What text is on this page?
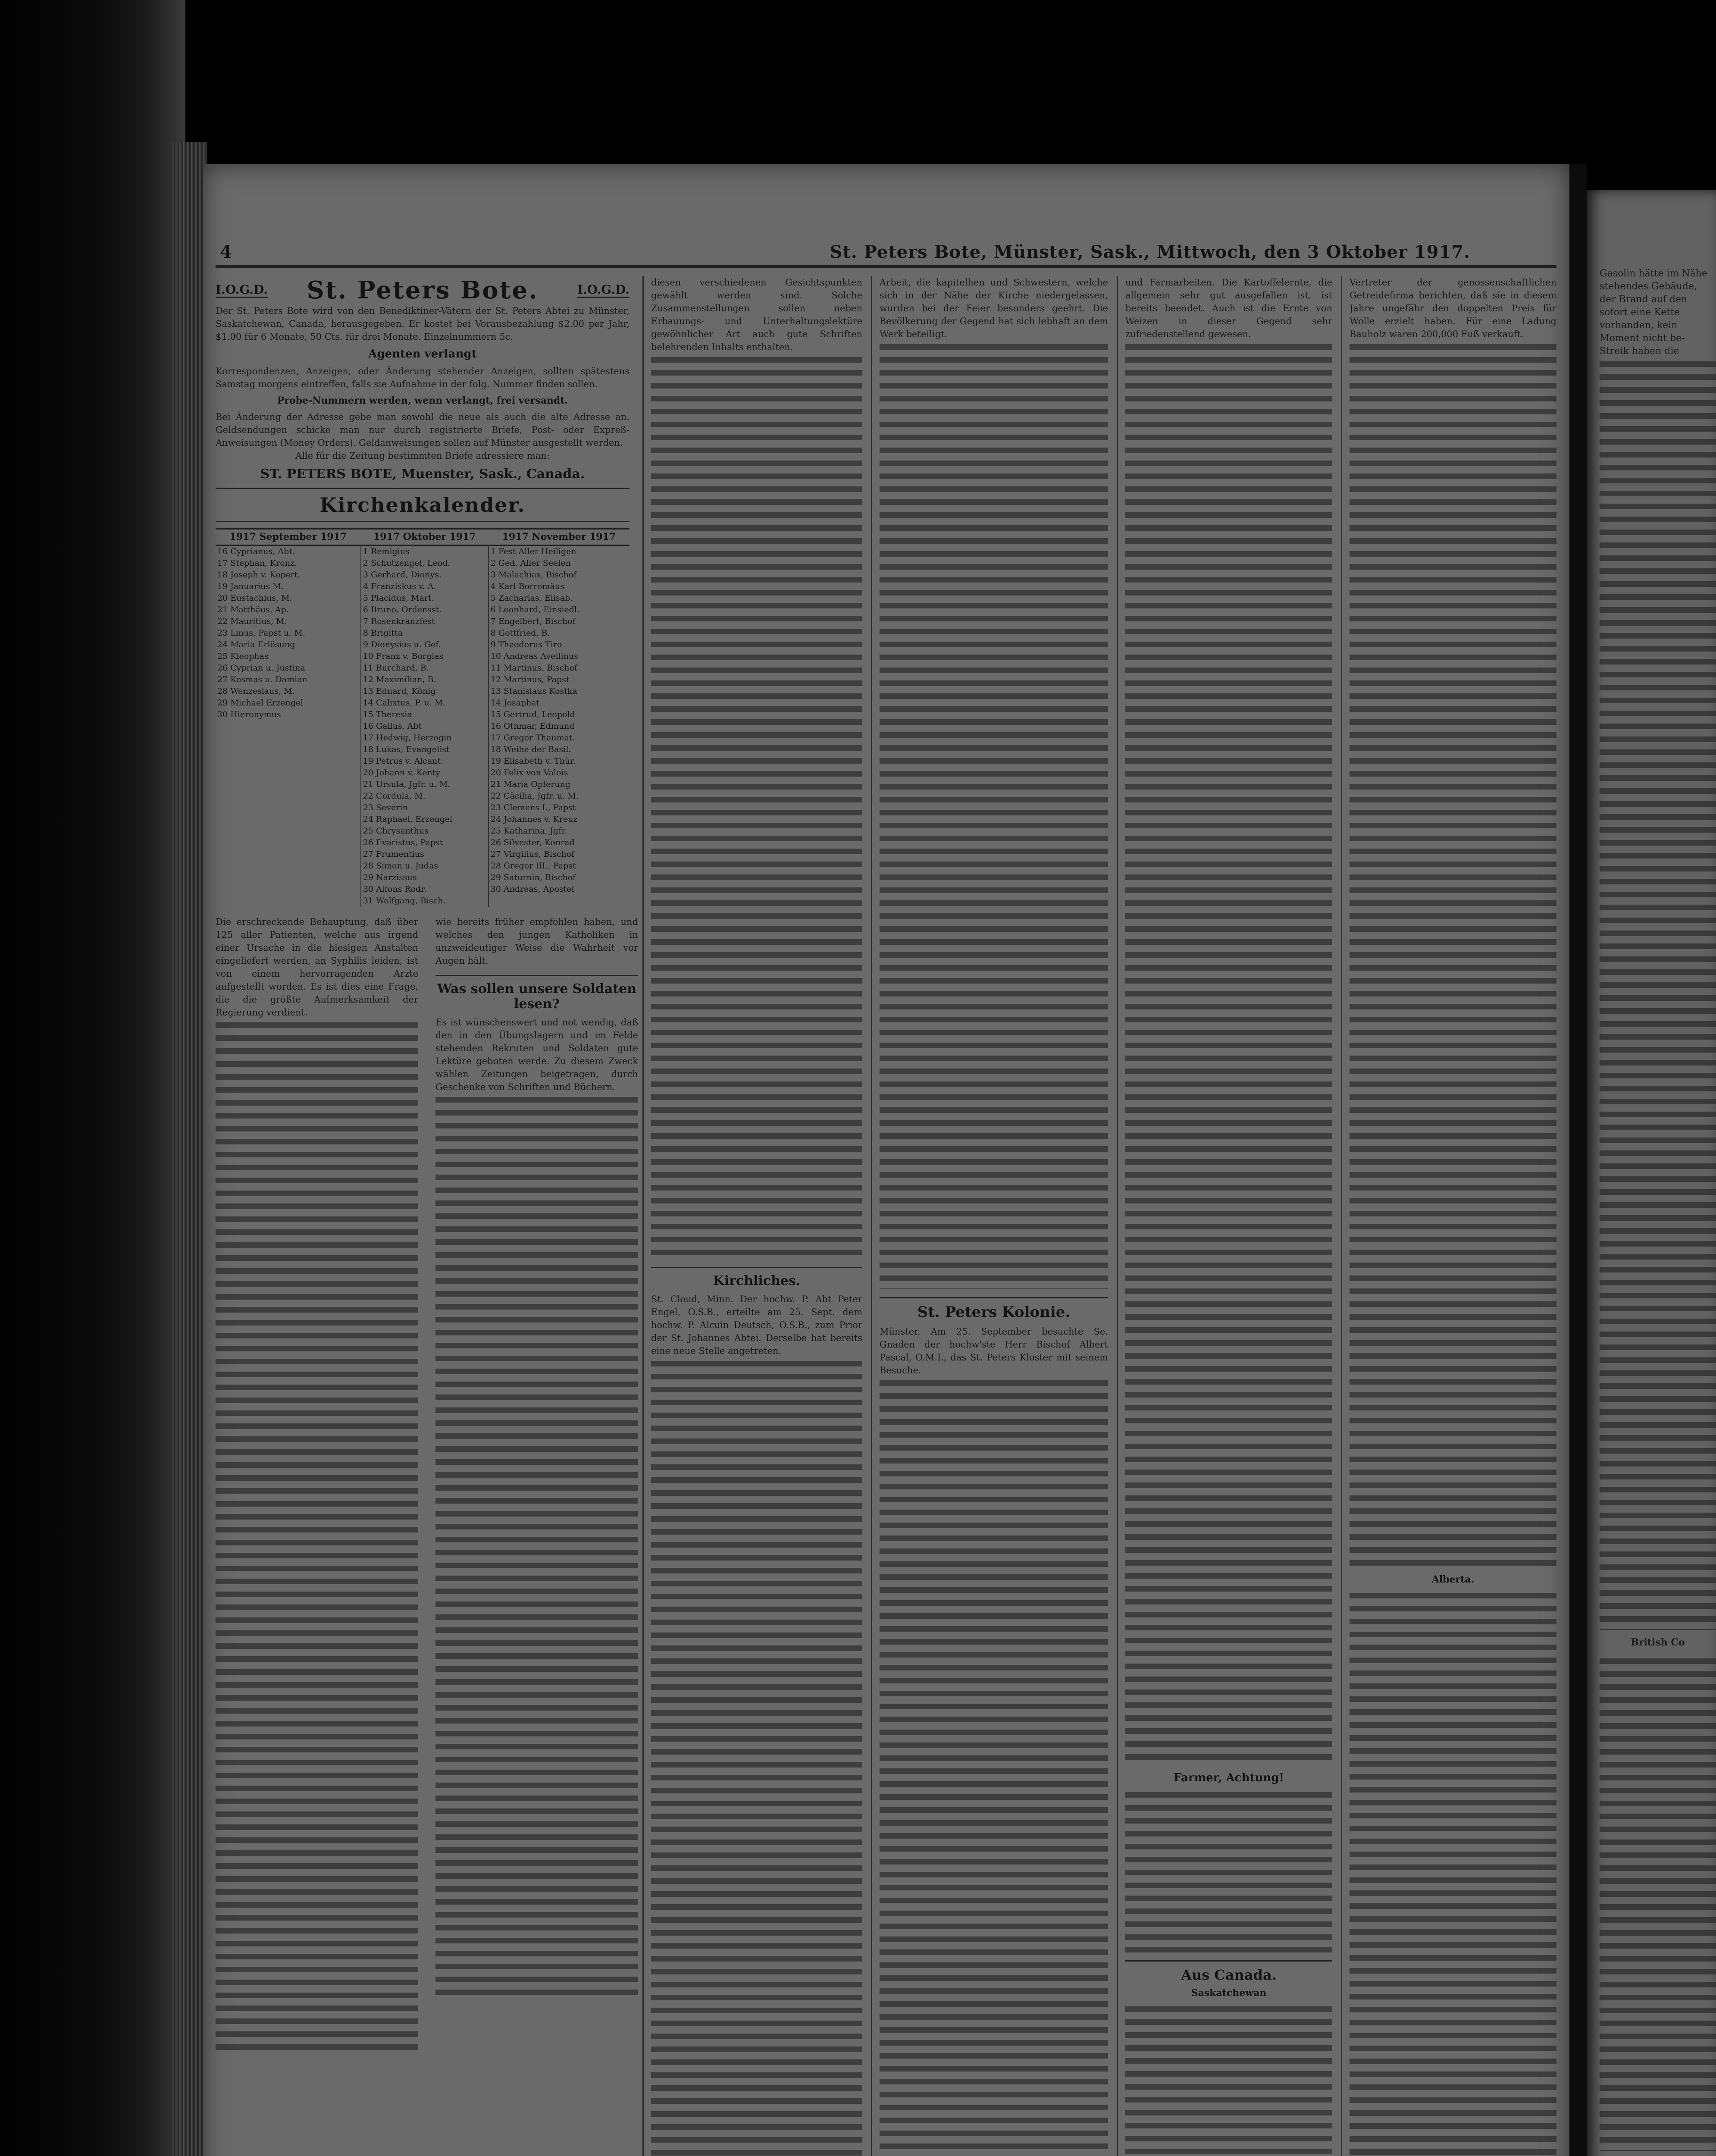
4	St. Peters Bote, Münster, Sask., Mittwoch, den 3 Oktober 1917.
I.O.G.D. St. Peters Bote.	I.O.G.D.
Der St. Peters Bote wird von den Benediktiner-Vätern der St. Peters Abtei zu Münster, Saskatchewan, Canada, herausgegeben. Er kostet bei Vorausbezahlung $2.00 per Jahr, $1.00 für 6 Monate, 50 Cts. für drei Monate. Einzelnummern 5c.
Agenten verlangt
Korrespondenzen, Anzeigen, oder Änderung stehender Anzeigen, sollten spätestens Samstag morgens eintreffen, falls sie Aufnahme in der folg. Nummer finden sollen.
Probe-Nummern werden, wenn verlangt, frei versandt.
Bei Änderung der Adresse gebe man sowohl die neue als auch die alte Adresse an. Geldsendungen schicke man nur durch registrierte Briefe, Post- oder Expreß-Anweisungen (Money Orders). Geldanweisungen sollen auf Münster ausgestellt werden.
Alle für die Zeitung bestimmten Briefe adressiere man:
ST. PETERS BOTE, Muenster, Sask., Canada.
Kirchenkalender.
1917 September 1917	1917 Oktober 1917	1917 November 1917
16 Cyprianus, Abt.	1 Remigius	1 Fest Aller Heiligen
17 Stephan, Kronz.	2 Schutzengel, Leod.	2 Ged. Aller Seelen
18 Joseph v. Kopert.	3 Gerhard, Dionys.	3 Malachias, Bischof
19 Januarius M.	4 Franziskus v. A.	4 Karl Borromäus
20 Eustachius, M.	5 Placidus, Mart.	5 Zacharias, Elisab.
21 Matthäus, Ap.	6 Bruno, Ordensst.	6 Leonhard, Einsiedl.
22 Mauritius, M.	7 Rosenkranzfest	7 Engelbert, Bischof
23 Linus, Papst u. M.	8 Brigitta	8 Gottfried, B.
24 Maria Erlösung	9 Dionysius u. Gef.	9 Theodorus Tiro
25 Kleophas	10 Franz v. Borgias	10 Andreas Avellinus
26 Cyprian u. Justina	11 Burchard, B.	11 Martinus, Bischof
27 Kosmas u. Damian	12 Maximilian, B.	12 Martinus, Papst
28 Wenzeslaus, M.	13 Eduard, König	13 Stanislaus Kostka
29 Michael Erzengel	14 Calixtus, P. u. M.	14 Josaphat
30 Hieronymus	15 Theresia	15 Gertrud, Leopold
	16 Gallus, Abt	16 Othmar, Edmund
	17 Hedwig, Herzogin	17 Gregor Thaumat.
	18 Lukas, Evangelist	18 Weihe der Basil.
	19 Petrus v. Alcant.	19 Elisabeth v. Thür.
	20 Johann v. Kenty	20 Felix von Valois
	21 Ursula, Jgfr. u. M.	21 Maria Opferung
	22 Cordula, M.	22 Cäcilia, Jgfr. u. M.
	23 Severin	23 Clemens I., Papst
	24 Raphael, Erzengel	24 Johannes v. Kreuz
	25 Chrysanthus	25 Katharina, Jgfr.
	26 Evaristus, Papst	26 Silvester, Konrad
	27 Frumentius	27 Virgilius, Bischof
	28 Simon u. Judas	28 Gregor III., Papst
	29 Narzissus	29 Saturnin, Bischof
	30 Alfons Rodr.	30 Andreas, Apostel
	31 Wolfgang, Bisch.	
Die erschreckende Behauptung, daß über 125 aller Patienten, welche aus irgend einer Ursache in die hiesigen Anstalten eingeliefert werden, an Syphilis leiden, ist von einem hervorragenden Arzte aufgestellt worden. Es ist dies eine Frage, die die größte Aufmerksamkeit der Regierung verdient.
wie bereits früher empfohlen haben, und welches den jungen Katholiken in unzweideutiger Weise die Wahrheit vor Augen hält.
Was sollen unsere Soldaten lesen?
Es ist wünschenswert und not wendig, daß den in den Übungslagern und im Felde stehenden Rekruten und Soldaten gute Lektüre geboten werde. Zu diesem Zweck wählen Zeitungen beigetragen, durch Geschenke von Schriften und Büchern.
diesen verschiedenen Gesichtspunkten gewählt werden sind. Solche Zusammenstellungen sollen neben Erbauungs- und Unterhaltungslektüre gewöhnlicher Art auch gute Schriften belehrenden Inhalts enthalten.
Kirchliches.
St. Cloud, Minn. Der hochw. P. Abt Peter Engel, O.S.B., erteilte am 25. Sept. dem hochw. P. Alcuin Deutsch, O.S.B., zum Prior der St. Johannes Abtei. Derselbe hat bereits eine neue Stelle angetreten.
Arbeit, die kapitelhen und Schwestern, welche sich in der Nähe der Kirche niedergelassen, wurden bei der Feier besonders geehrt. Die Bevölkerung der Gegend hat sich lebhaft an dem Werk beteiligt.
St. Peters Kolonie.
Münster. Am 25. September besuchte Se. Gnaden der hochw'ste Herr Bischof Albert Pascal, O.M.I., das St. Peters Kloster mit seinem Besuche.
und Farmarbeiten. Die Kartoffelernte, die allgemein sehr gut ausgefallen ist, ist bereits beendet. Auch ist die Ernte von Weizen in dieser Gegend sehr zufriedenstellend gewesen.
Farmer, Achtung!
Aus Canada.
Saskatchewan
Vertreter der genossenschaftlichen Getreidefirma berichten, daß sie in diesem Jahre ungefähr den doppelten Preis für Wolle erzielt haben. Für eine Ladung Bauholz waren 200,000 Fuß verkauft.
Alberta.
Gasolin hätte im Nähe stehendes Gebäude, der Brand auf den sofort eine Kette vorhanden, kein Moment nicht be- Streik haben die
British Co
